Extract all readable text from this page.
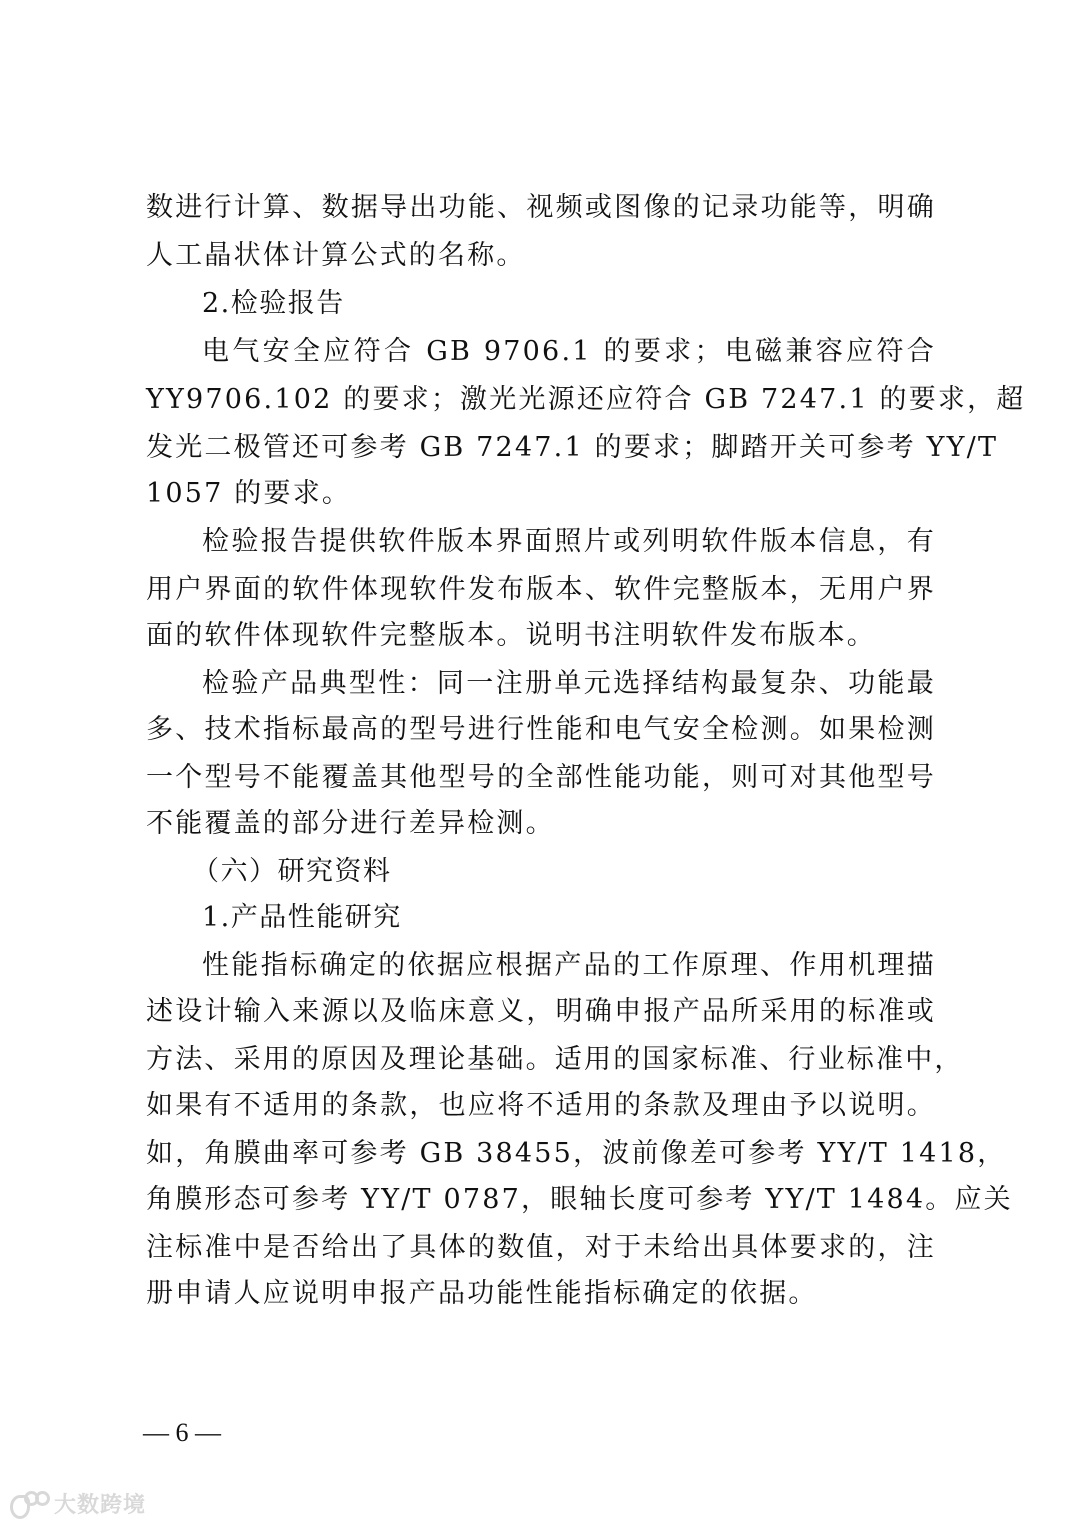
数进行计算、数据导出功能、视频或图像的记录功能等，明确
人工晶状体计算公式的名称。
2.检验报告
电气安全应符合 GB 9706.1 的要求；电磁兼容应符合
YY9706.102 的要求；激光光源还应符合 GB 7247.1 的要求，超
发光二极管还可参考 GB 7247.1 的要求；脚踏开关可参考 YY/T
1057 的要求。
检验报告提供软件版本界面照片或列明软件版本信息，有
用户界面的软件体现软件发布版本、软件完整版本，无用户界
面的软件体现软件完整版本。说明书注明软件发布版本。
检验产品典型性：同一注册单元选择结构最复杂、功能最
多、技术指标最高的型号进行性能和电气安全检测。如果检测
一个型号不能覆盖其他型号的全部性能功能，则可对其他型号
不能覆盖的部分进行差异检测。
（六）研究资料
1.产品性能研究
性能指标确定的依据应根据产品的工作原理、作用机理描
述设计输入来源以及临床意义，明确申报产品所采用的标准或
方法、采用的原因及理论基础。适用的国家标准、行业标准中，
如果有不适用的条款，也应将不适用的条款及理由予以说明。
如，角膜曲率可参考 GB 38455，波前像差可参考 YY/T 1418，
角膜形态可参考 YY/T 0787，眼轴长度可参考 YY/T 1484。应关
注标准中是否给出了具体的数值，对于未给出具体要求的，注
册申请人应说明申报产品功能性能指标确定的依据。
— 6 —
大数跨境
